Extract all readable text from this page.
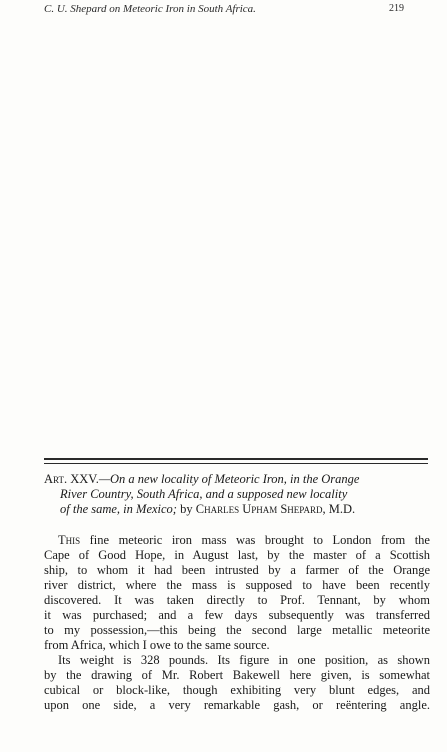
C. U. Shepard on Meteoric Iron in South Africa.	219
Art. XXV.—On a new locality of Meteoric Iron, in the Orange
River Country, South Africa, and a supposed new locality
of the same, in Mexico; by Charles Upham Shepard, M.D.

This fine meteoric iron mass was brought to London from the
Cape of Good Hope, in August last, by the master of a Scottish
ship, to whom it had been intrusted by a farmer of the Orange
river district, where the mass is supposed to have been recently
discovered. It was taken directly to Prof. Tennant, by whom
it was purchased; and a few days subsequently was transferred
to my possession,—this being the second large metallic meteorite
from Africa, which I owe to the same source.

Its weight is 328 pounds. Its figure in one position, as shown
by the drawing of Mr. Robert Bakewell here given, is somewhat
cubical or block-like, though exhibiting very blunt edges, and
upon one side, a very remarkable gash, or reëntering angle.
